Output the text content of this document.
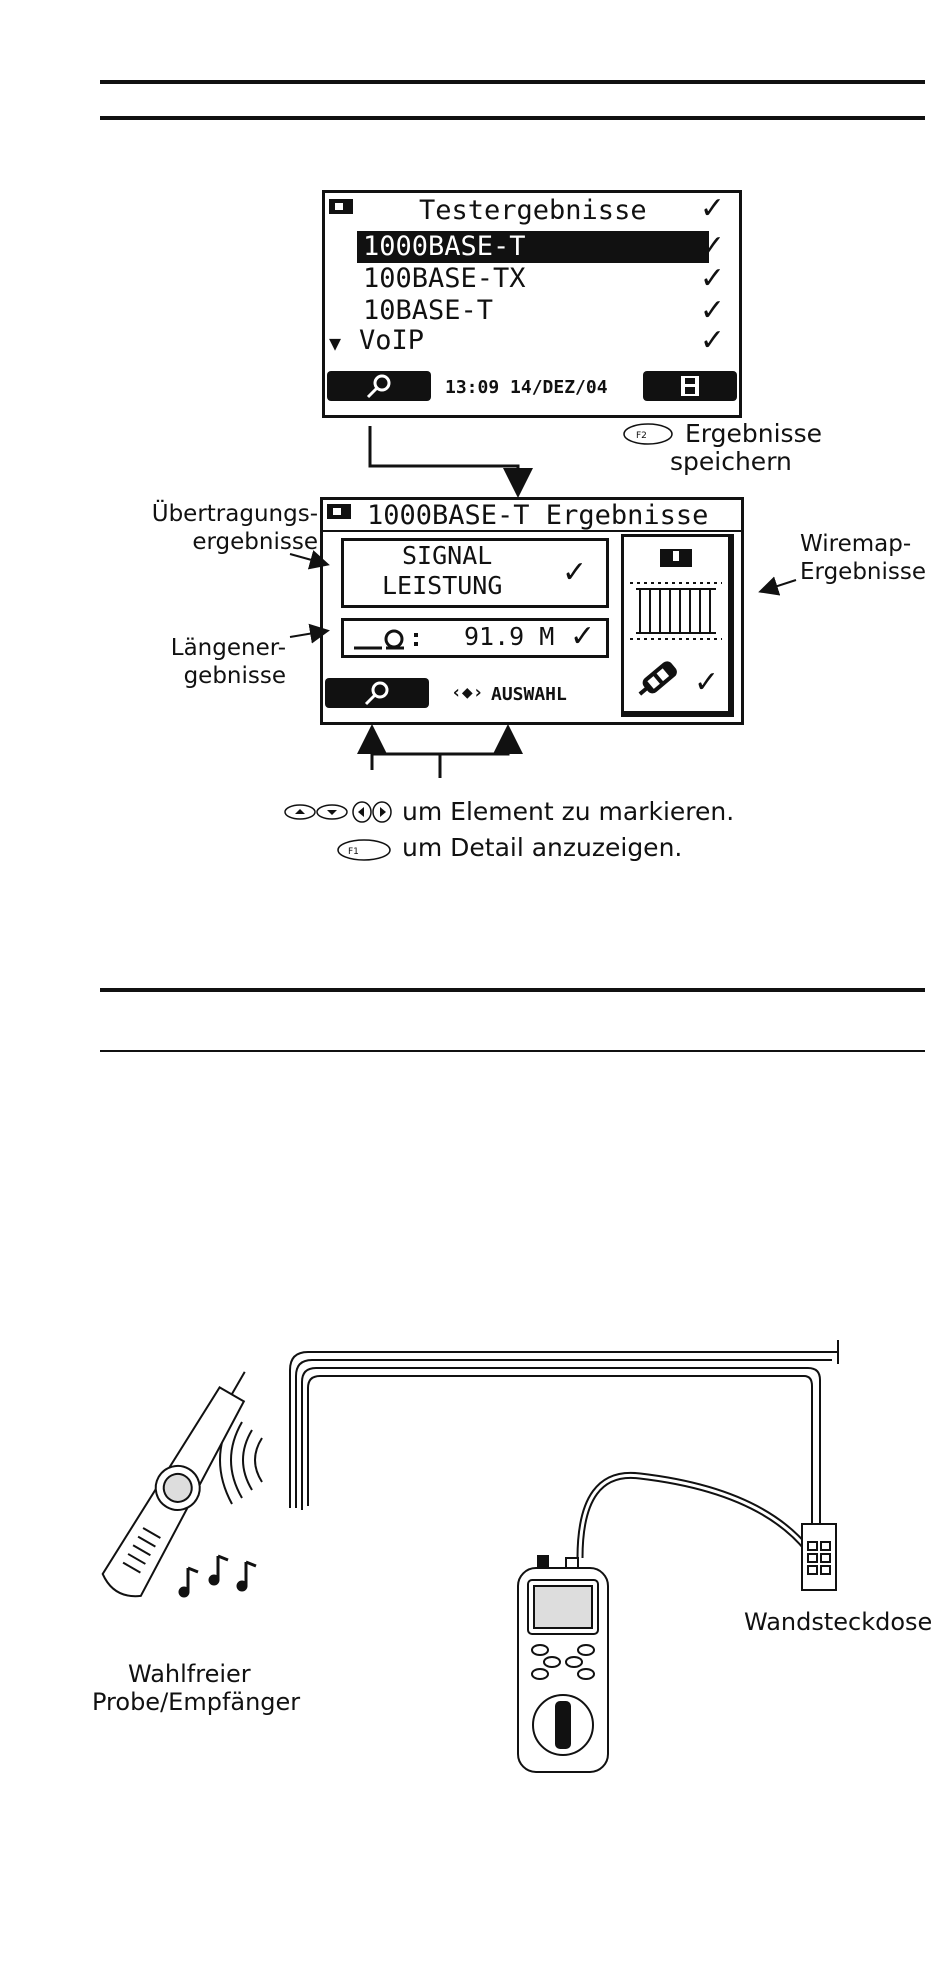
Testergebnisse ✓
1000BASE-T	✓
100BASE-TX	✓
10BASE-T	✓
▼ VoIP	✓
13:09 14/DEZ/04
F2 Ergebnisse
speichern
1000BASE-T Ergebnisse
SIGNAL
LEISTUNG ✓
91.9 M ✓
✓
‹◆› AUSWAHL
Übertragungs-
ergebnisse
Längener-
gebnisse
Wiremap-
Ergebnisse
um Element zu markieren.
F1 um Detail anzuzeigen.
Wandsteckdose
Wahlfreier
Probe/Empfänger
